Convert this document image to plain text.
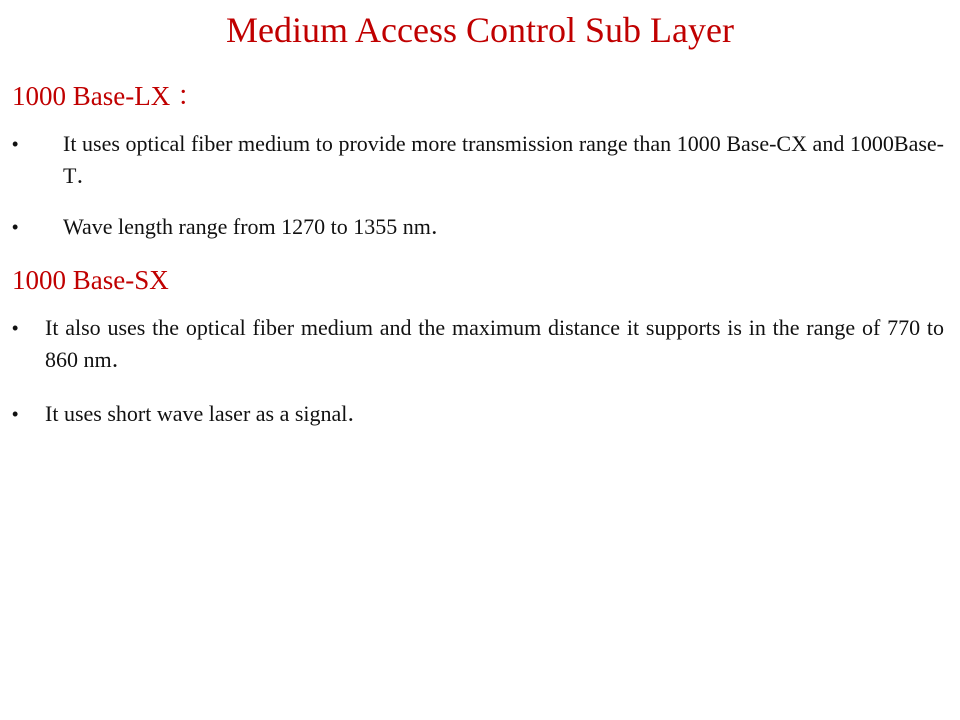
Medium Access Control Sub Layer
1000 Base-LX ：
• It uses optical fiber medium to provide more transmission range than 1000 Base-CX and 1000Base-T．
• Wave length range from 1270 to 1355 nm．
1000 Base-SX
• It also uses the optical fiber medium and the maximum distance it supports is in the range of 770 to 860 nm．
• It uses short wave laser as a signal．
